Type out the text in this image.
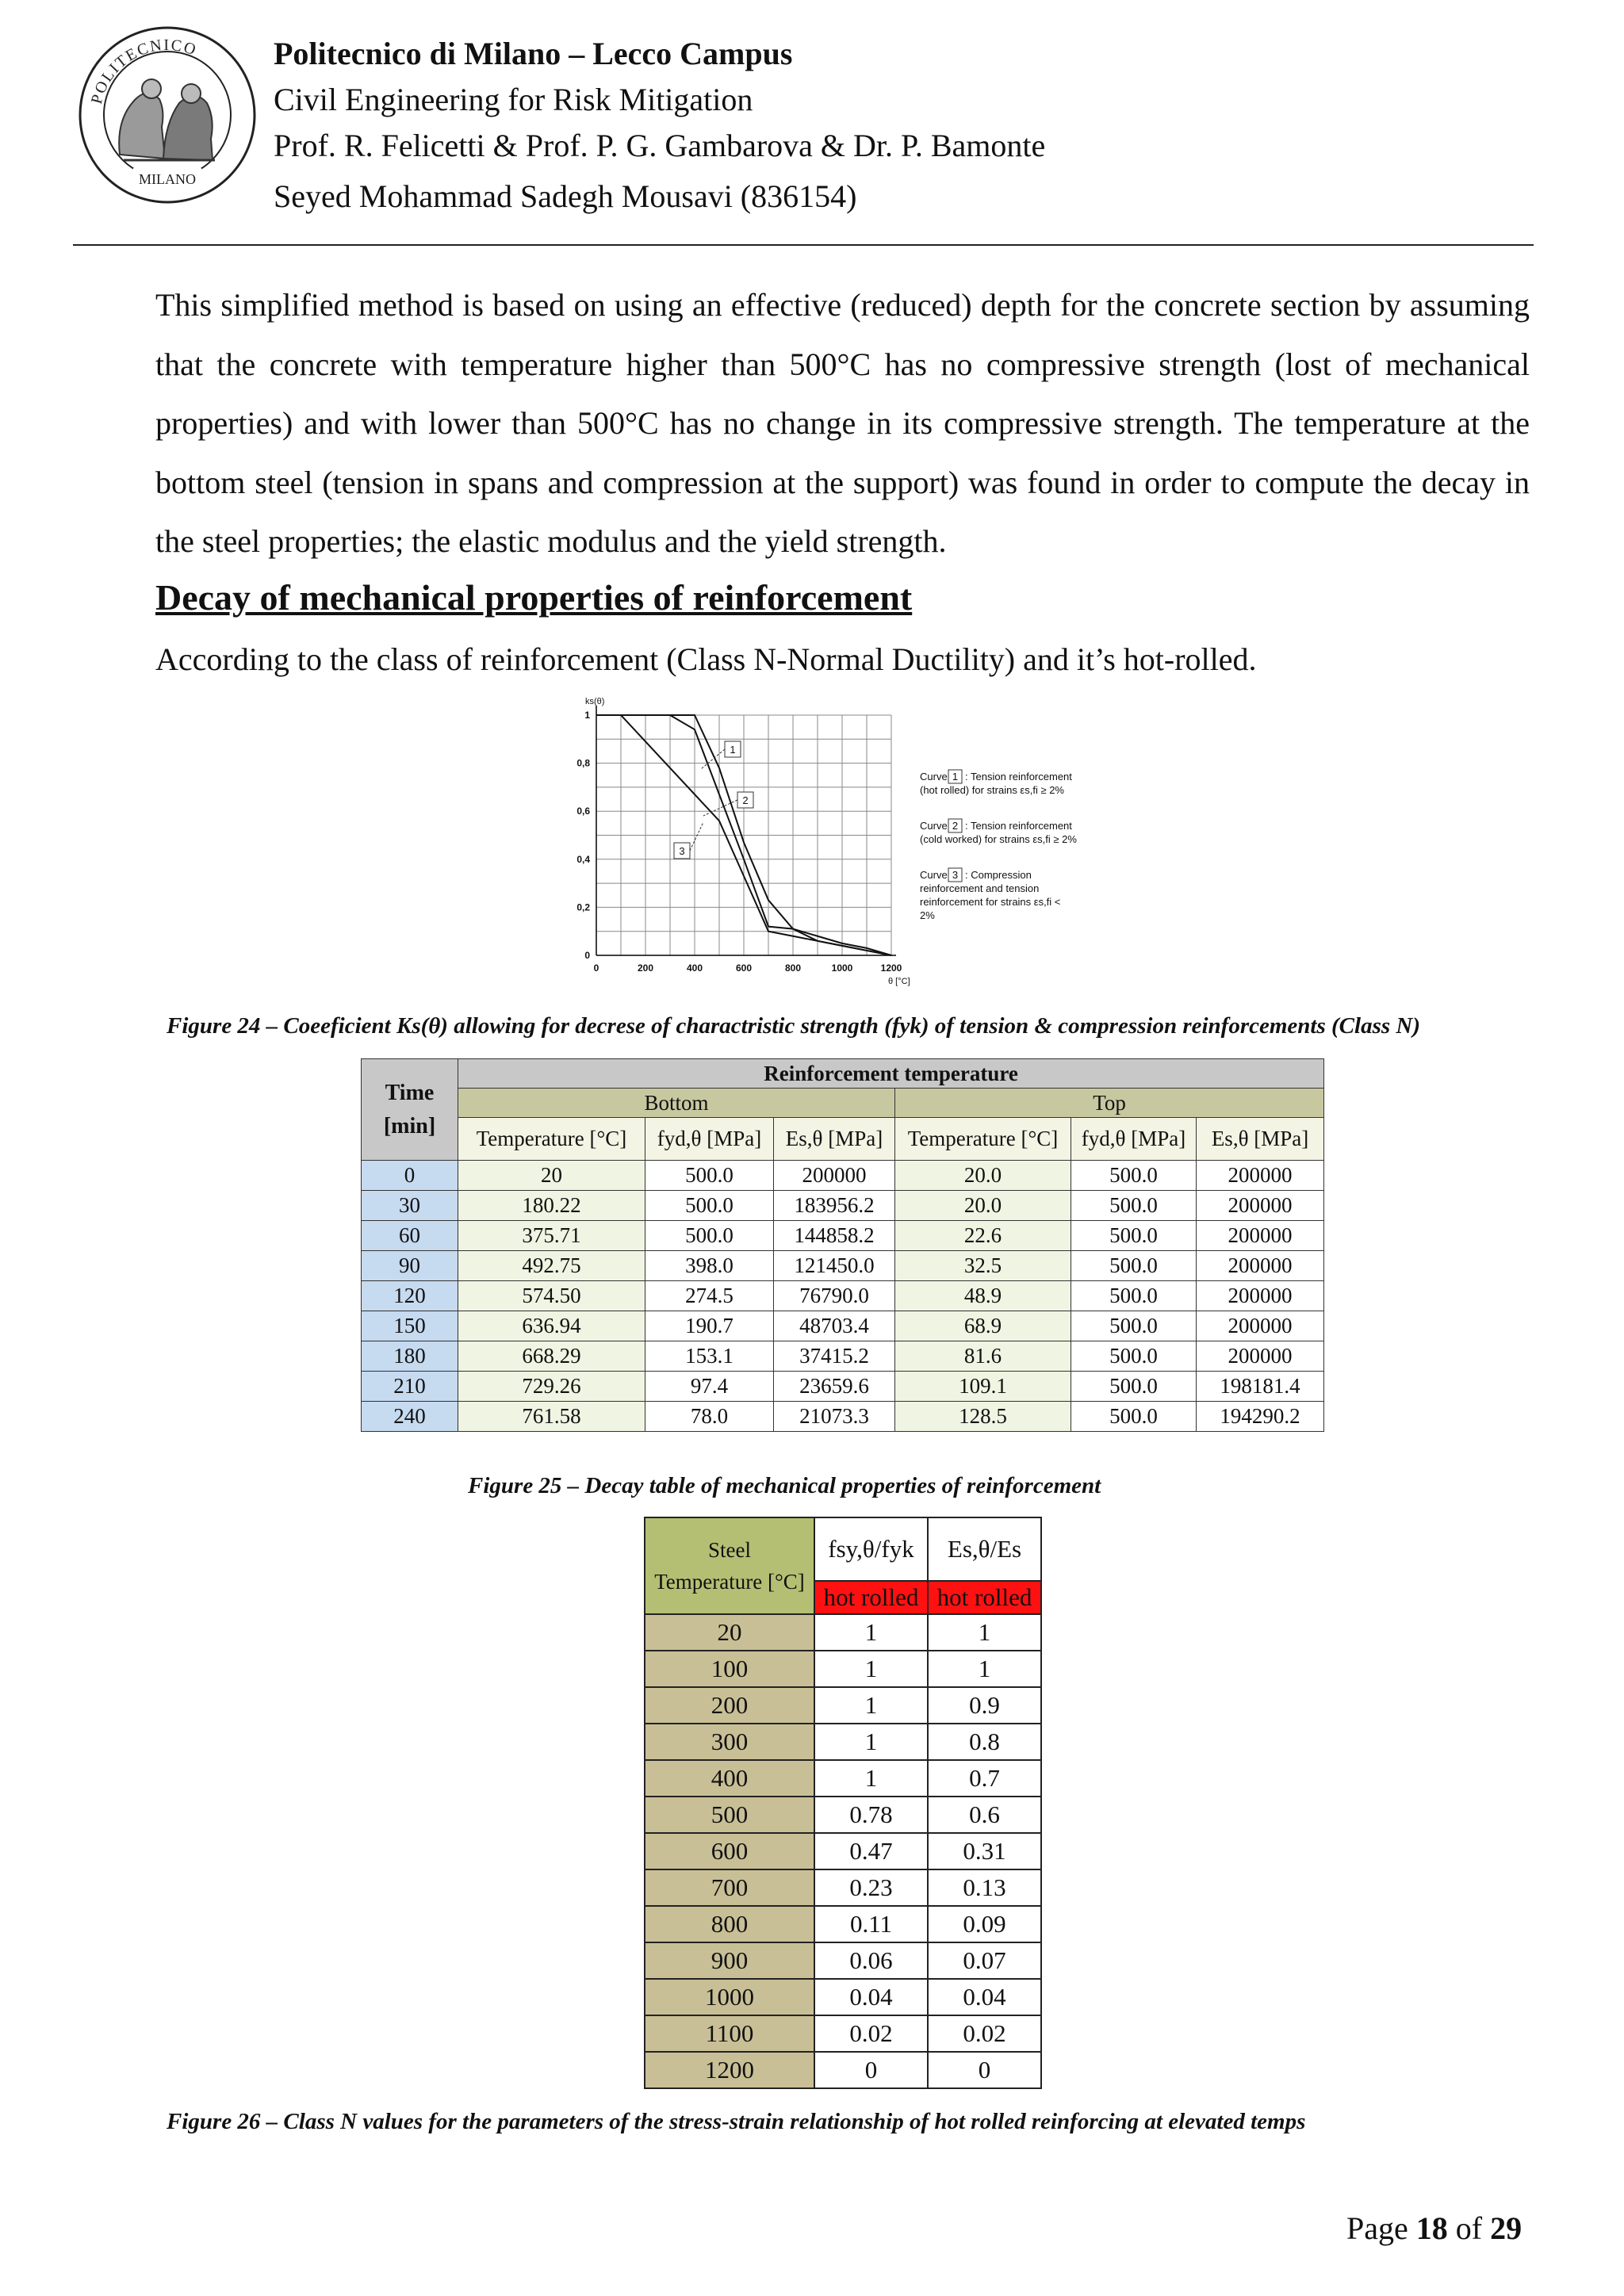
POLITECNICO
MILANO
Politecnico di Milano – Lecco Campus
Civil Engineering for Risk Mitigation
Prof. R. Felicetti & Prof. P. G. Gambarova & Dr. P. Bamonte
Seyed Mohammad Sadegh Mousavi (836154)

This simplified method is based on using an effective (reduced) depth for the concrete section by assuming that the concrete with temperature higher than 500°C has no compressive strength (lost of mechanical properties) and with lower than 500°C has no change in its compressive strength. The temperature at the bottom steel (tension in spans and compression at the support) was found in order to compute the decay in the steel properties; the elastic modulus and the yield strength.

Decay of mechanical properties of reinforcement

According to the class of reinforcement (Class N-Normal Ductility) and it’s hot-rolled.

0	200	400	600	800	1000	1200
0
0,2
0,4
0,6
0,8
1
ks(θ)
θ [°C]
1
2
3
Curve 1 : Tension reinforcement
(hot rolled) for strains εs,fi ≥ 2%
Curve 2 : Tension reinforcement
(cold worked) for strains εs,fi ≥ 2%
Curve 3 : Compression
reinforcement and tension
reinforcement for strains εs,fi <
2%
Figure 24 – Coeeficient Ks(θ) allowing for decrese of charactristic strength (fyk) of tension & compression reinforcements (Class N)
Time
[min]	Reinforcement temperature					
	Bottom			Top		
	Temperature [°C]	fyd,θ [MPa]	Es,θ [MPa]	Temperature [°C]	fyd,θ [MPa]	Es,θ [MPa]
0	20	500.0	200000	20.0	500.0	200000
30	180.22	500.0	183956.2	20.0	500.0	200000
60	375.71	500.0	144858.2	22.6	500.0	200000
90	492.75	398.0	121450.0	32.5	500.0	200000
120	574.50	274.5	76790.0	48.9	500.0	200000
150	636.94	190.7	48703.4	68.9	500.0	200000
180	668.29	153.1	37415.2	81.6	500.0	200000
210	729.26	97.4	23659.6	109.1	500.0	198181.4
240	761.58	78.0	21073.3	128.5	500.0	194290.2
Figure 25 – Decay table of mechanical properties of reinforcement
Steel
Temperature [°C]	fsy,θ/fyk	Es,θ/Es
	hot rolled	hot rolled
20	1	1
100	1	1
200	1	0.9
300	1	0.8
400	1	0.7
500	0.78	0.6
600	0.47	0.31
700	0.23	0.13
800	0.11	0.09
900	0.06	0.07
1000	0.04	0.04
1100	0.02	0.02
1200	0	0
Figure 26 – Class N values for the parameters of the stress-strain relationship of hot rolled reinforcing at elevated temps
Page 18 of 29
